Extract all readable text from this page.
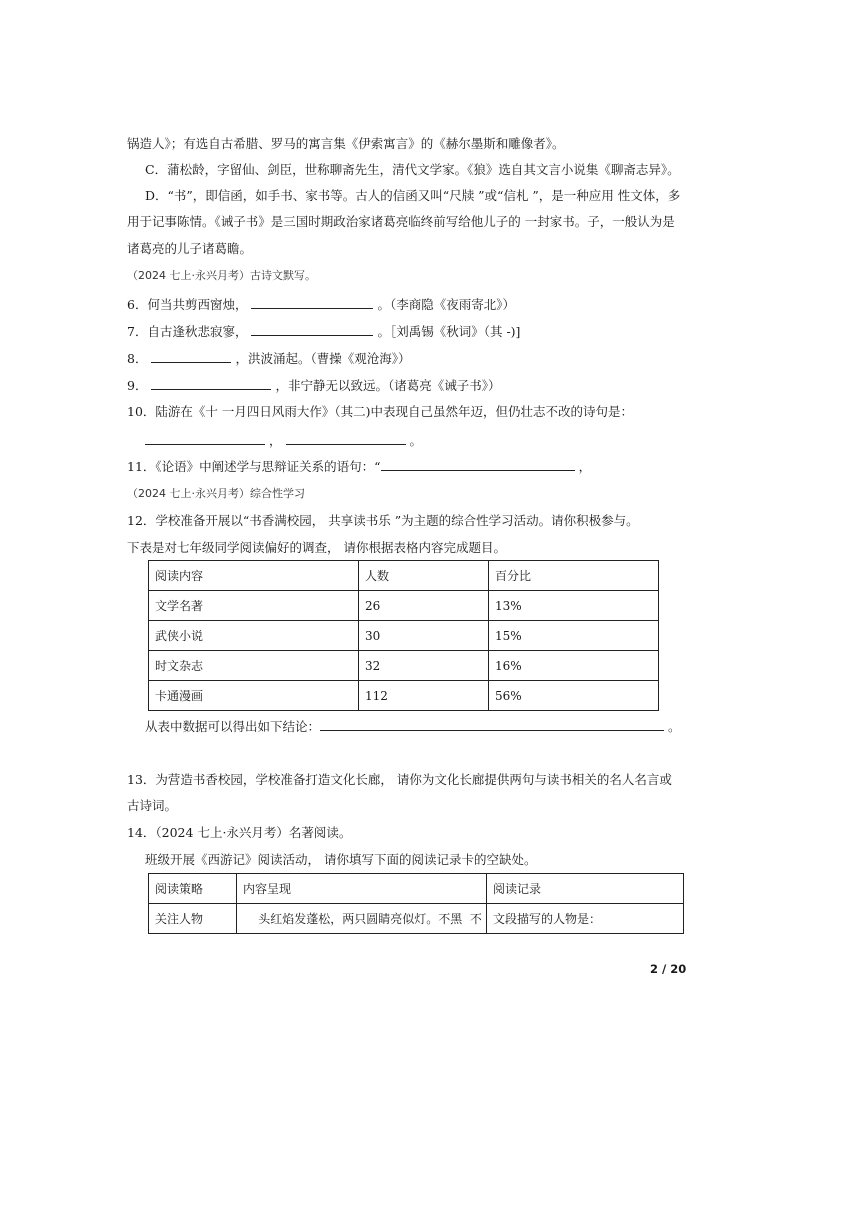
锅造人》；有选自古希腊、罗马的寓言集《伊索寓言》的《赫尔墨斯和雕像者》。
C．蒲松龄，字留仙、剑臣，世称聊斋先生，清代文学家。《狼》选自其文言小说集《聊斋志异》。
D．“书”，即信函，如手书、家书等。古人的信函又叫“尺牍 ”或“信札 ”，是一种应用 性文体，多
用于记事陈情。《诫子书》是三国时期政治家诸葛亮临终前写给他儿子的 一封家书。子，一般认为是
诸葛亮的儿子诸葛瞻。
（2024 七上·永兴月考）古诗文默写。
6．何当共剪西窗烛，	。（李商隐《夜雨寄北》）
7．自古逢秋悲寂寥，	。［刘禹锡《秋词》（其 -)]
8．	，洪波涌起。（曹操《观沧海》）
9．	，非宁静无以致远。（诸葛亮《诫子书》）
10．陆游在《十 一月四日风雨大作》（其二)中表现自己虽然年迈，但仍壮志不改的诗句是：
，	。
11．《论语》中阐述学与思辩证关系的语句：“	，
（2024 七上·永兴月考）综合性学习
12．学校准备开展以“书香满校园， 共享读书乐 ”为主题的综合性学习活动。请你积极参与。
下表是对七年级同学阅读偏好的调查， 请你根据表格内容完成题目。
阅读内容	人数	百分比
文学名著	26	13%
武侠小说	30	15%
时文杂志	32	16%
卡通漫画	112	56%
从表中数据可以得出如下结论：	。
13．为营造书香校园，学校准备打造文化长廊， 请你为文化长廊提供两句与读书相关的名人名言或
古诗词。
14．（2024 七上·永兴月考）名著阅读。
班级开展《西游记》阅读活动， 请你填写下面的阅读记录卡的空缺处。
阅读策略	内容呈现	阅读记录
关注人物	头红焰发蓬松，两只圆睛亮似灯。不黑  不	文段描写的人物是：
2 / 20
